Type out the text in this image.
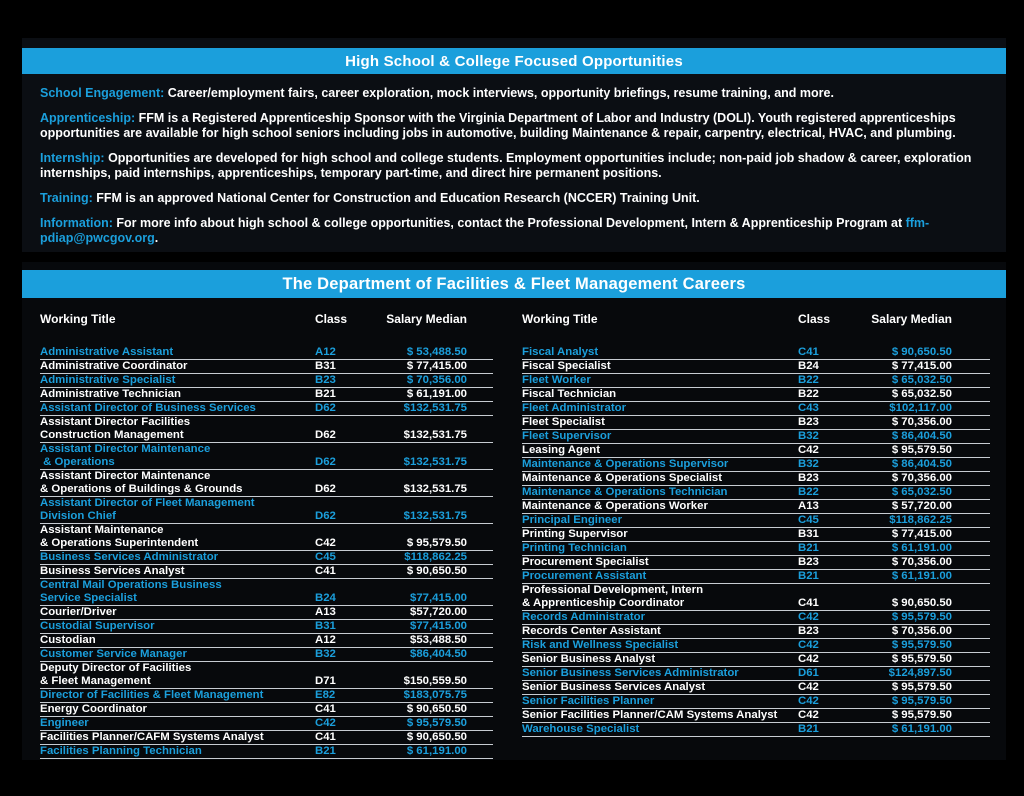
High School & College Focused Opportunities

School Engagement: Career/employment fairs, career exploration, mock interviews, opportunity briefings, resume training, and more.

Apprenticeship: FFM is a Registered Apprenticeship Sponsor with the Virginia Department of Labor and Industry (DOLI). Youth registered apprenticeships opportunities are available for high school seniors including jobs in automotive, building Maintenance & repair, carpentry, electrical, HVAC, and plumbing.

Internship: Opportunities are developed for high school and college students. Employment opportunities include; non-paid job shadow & career, exploration internships, paid internships, apprenticeships, temporary part-time, and direct hire permanent positions.

Training: FFM is an approved National Center for Construction and Education Research (NCCER) Training Unit.

Information: For more info about high school & college opportunities, contact the Professional Development, Intern & Apprenticeship Program at ffm-pdiap@pwcgov.org.

The Department of Facilities & Fleet Management Careers
Working Title	Class	Salary Median
Administrative Assistant	A12	$ 53,488.50
Administrative Coordinator	B31	$ 77,415.00
Administrative Specialist	B23	$ 70,356.00
Administrative Technician	B21	$ 61,191.00
Assistant Director of Business Services	D62	$132,531.75
Assistant Director Facilities
Construction Management	D62	$132,531.75
Assistant Director Maintenance
& Operations	D62	$132,531.75
Assistant Director Maintenance
& Operations of Buildings & Grounds	D62	$132,531.75
Assistant Director of Fleet Management
Division Chief	D62	$132,531.75
Assistant Maintenance
& Operations Superintendent	C42	$ 95,579.50
Business Services Administrator	C45	$118,862.25
Business Services Analyst	C41	$ 90,650.50
Central Mail Operations Business
Service Specialist	B24	$77,415.00
Courier/Driver	A13	$57,720.00
Custodial Supervisor	B31	$77,415.00
Custodian	A12	$53,488.50
Customer Service Manager	B32	$86,404.50
Deputy Director of Facilities
& Fleet Management	D71	$150,559.50
Director of Facilities & Fleet Management	E82	$183,075.75
Energy Coordinator	C41	$ 90,650.50
Engineer	C42	$ 95,579.50
Facilities Planner/CAFM Systems Analyst	C41	$ 90,650.50
Facilities Planning Technician	B21	$ 61,191.00
Working Title	Class	Salary Median
Fiscal Analyst	C41	$ 90,650.50
Fiscal Specialist	B24	$ 77,415.00
Fleet Worker	B22	$ 65,032.50
Fiscal Technician	B22	$ 65,032.50
Fleet Administrator	C43	$102,117.00
Fleet Specialist	B23	$ 70,356.00
Fleet Supervisor	B32	$ 86,404.50
Leasing Agent	C42	$ 95,579.50
Maintenance & Operations Supervisor	B32	$ 86,404.50
Maintenance & Operations Specialist	B23	$ 70,356.00
Maintenance & Operations Technician	B22	$ 65,032.50
Maintenance & Operations Worker	A13	$ 57,720.00
Principal Engineer	C45	$118,862.25
Printing Supervisor	B31	$ 77,415.00
Printing Technician	B21	$ 61,191.00
Procurement Specialist	B23	$ 70,356.00
Procurement Assistant	B21	$ 61,191.00
Professional Development, Intern
& Apprenticeship Coordinator	C41	$ 90,650.50
Records Administrator	C42	$ 95,579.50
Records Center Assistant	B23	$ 70,356.00
Risk and Wellness Specialist	C42	$ 95,579.50
Senior Business Analyst	C42	$ 95,579.50
Senior Business Services Administrator	D61	$124,897.50
Senior Business Services Analyst	C42	$ 95,579.50
Senior Facilities Planner	C42	$ 95,579.50
Senior Facilities Planner/CAM Systems Analyst	C42	$ 95,579.50
Warehouse Specialist	B21	$ 61,191.00
